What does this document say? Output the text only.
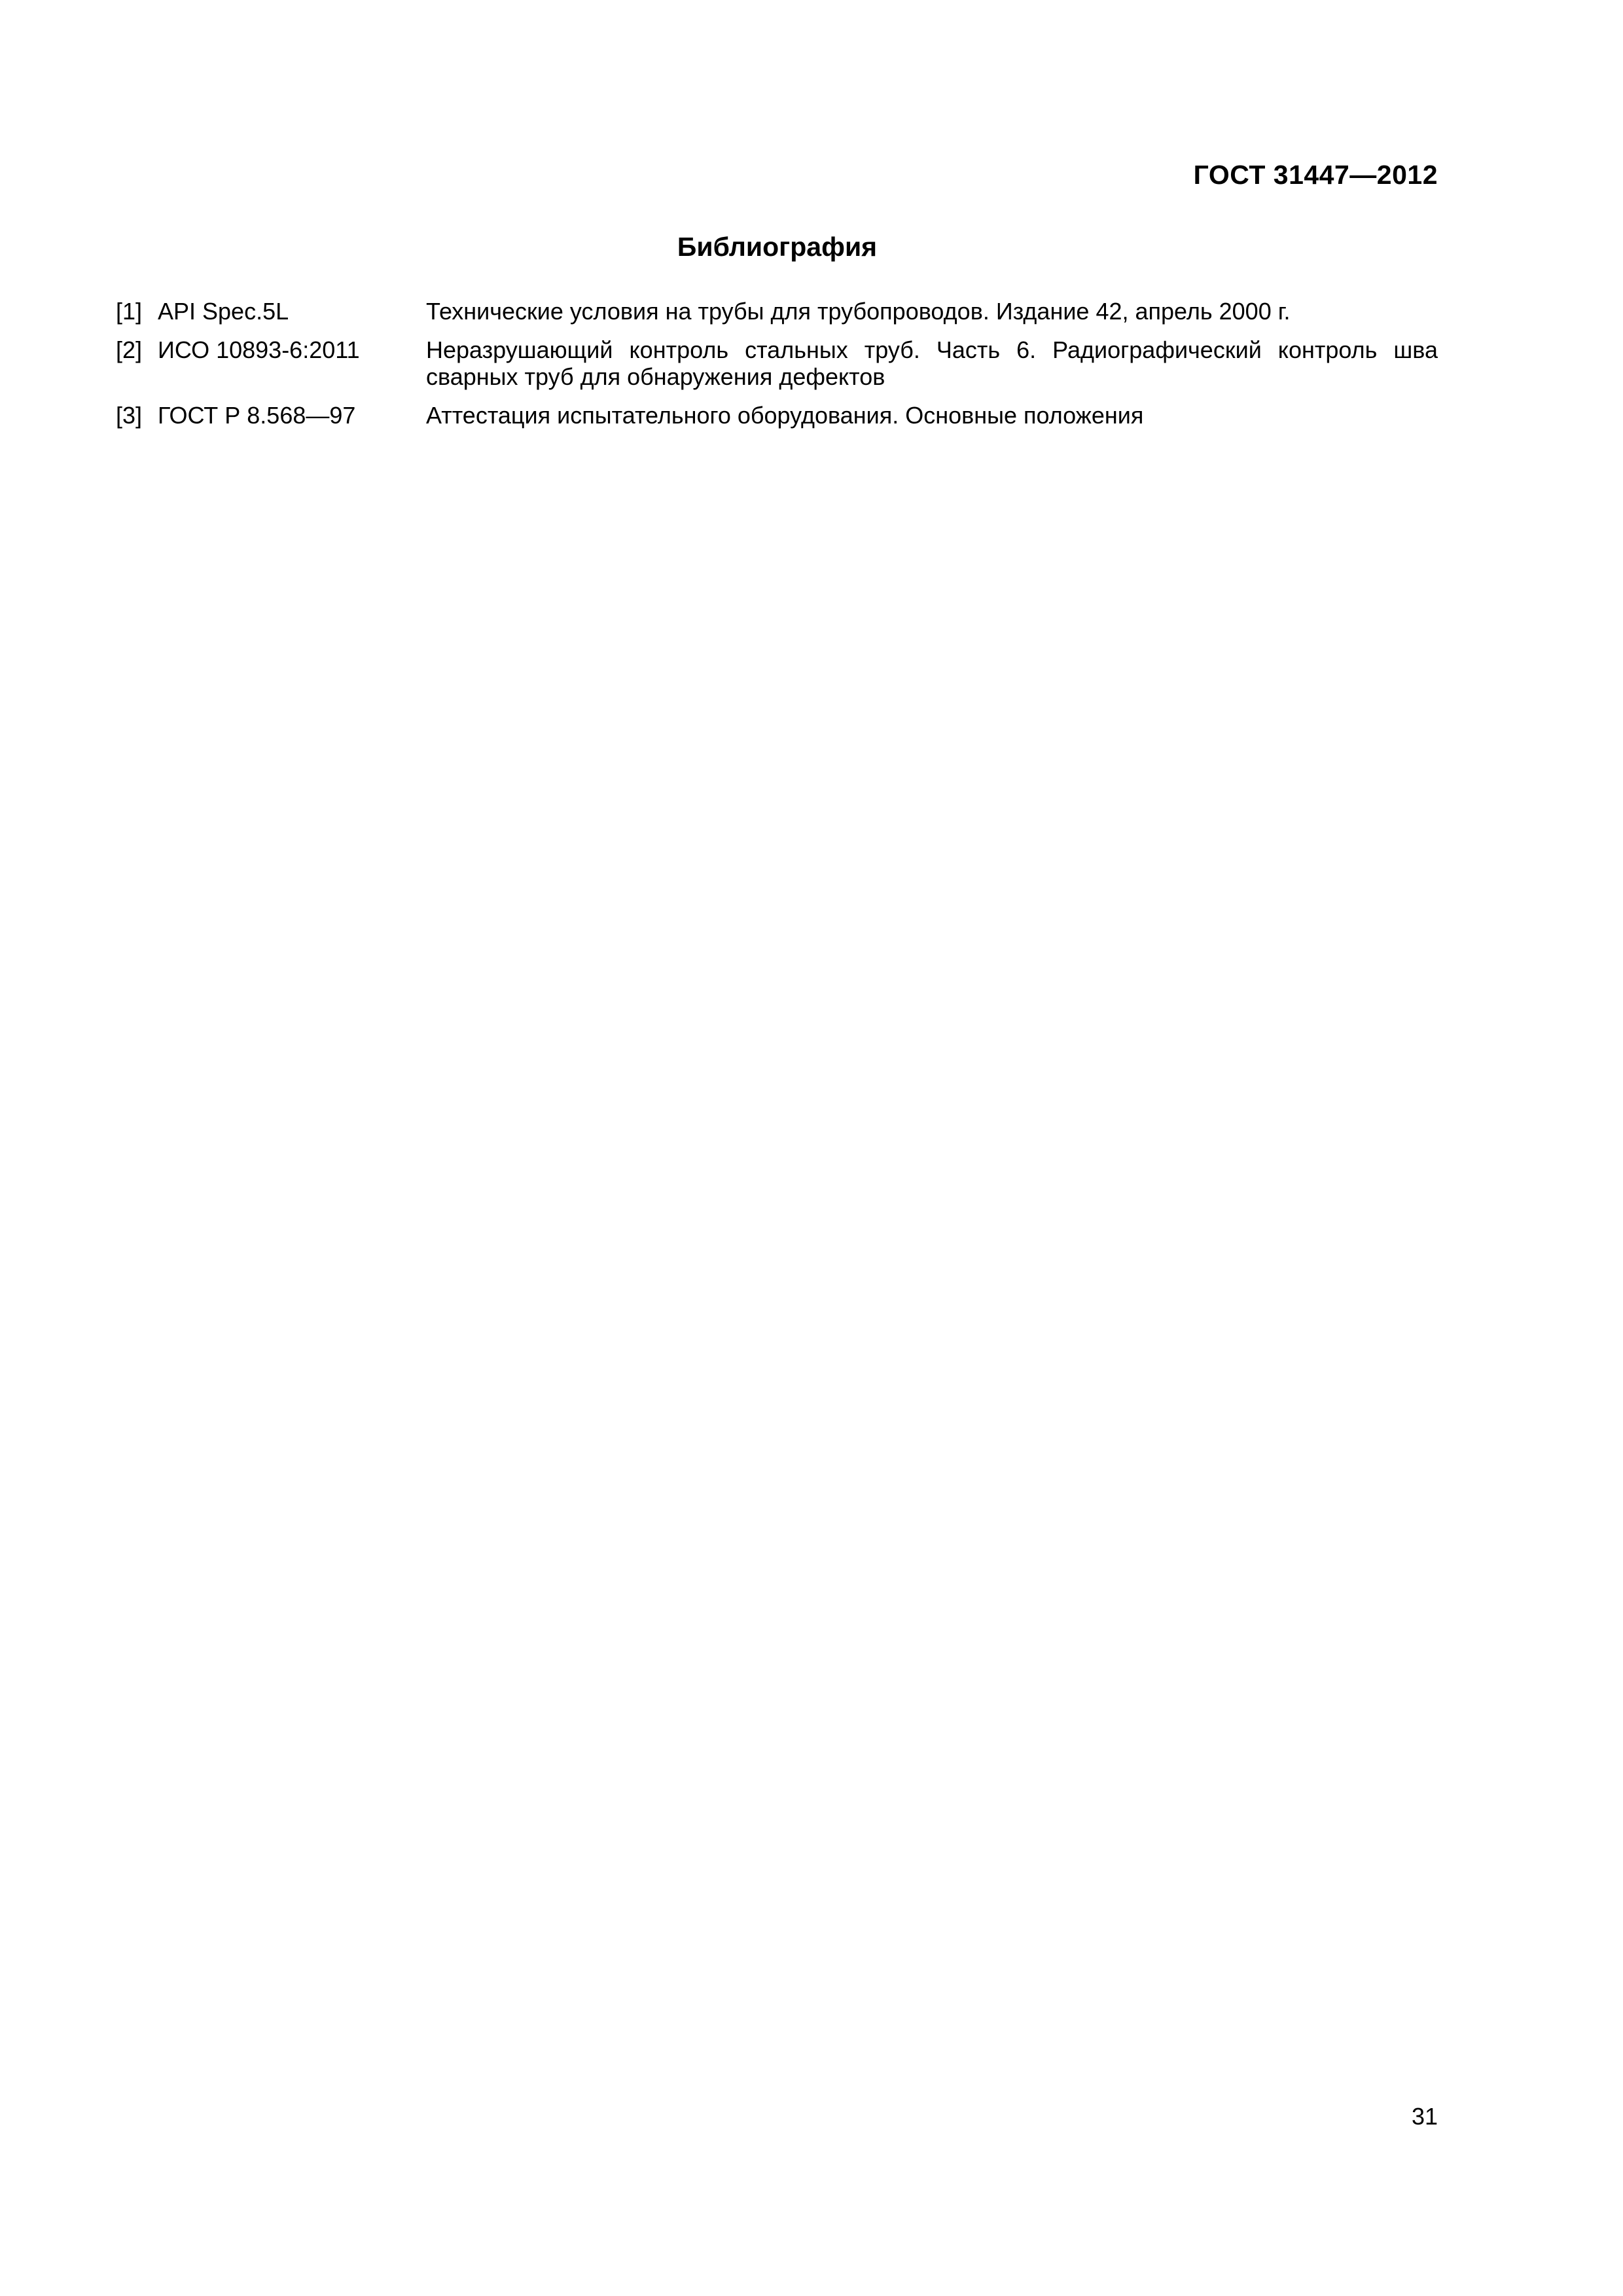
ГОСТ 31447—2012
Библиография
[1] API Spec.5L	Технические условия на трубы для трубопроводов. Издание 42, апрель 2000 г.
[2] ИСО 10893-6:2011	Неразрушающий контроль стальных труб. Часть 6. Радиографический контроль шва сварных труб для обнаружения дефектов
[3] ГОСТ Р 8.568—97	Аттестация испытательного оборудования. Основные положения
31
